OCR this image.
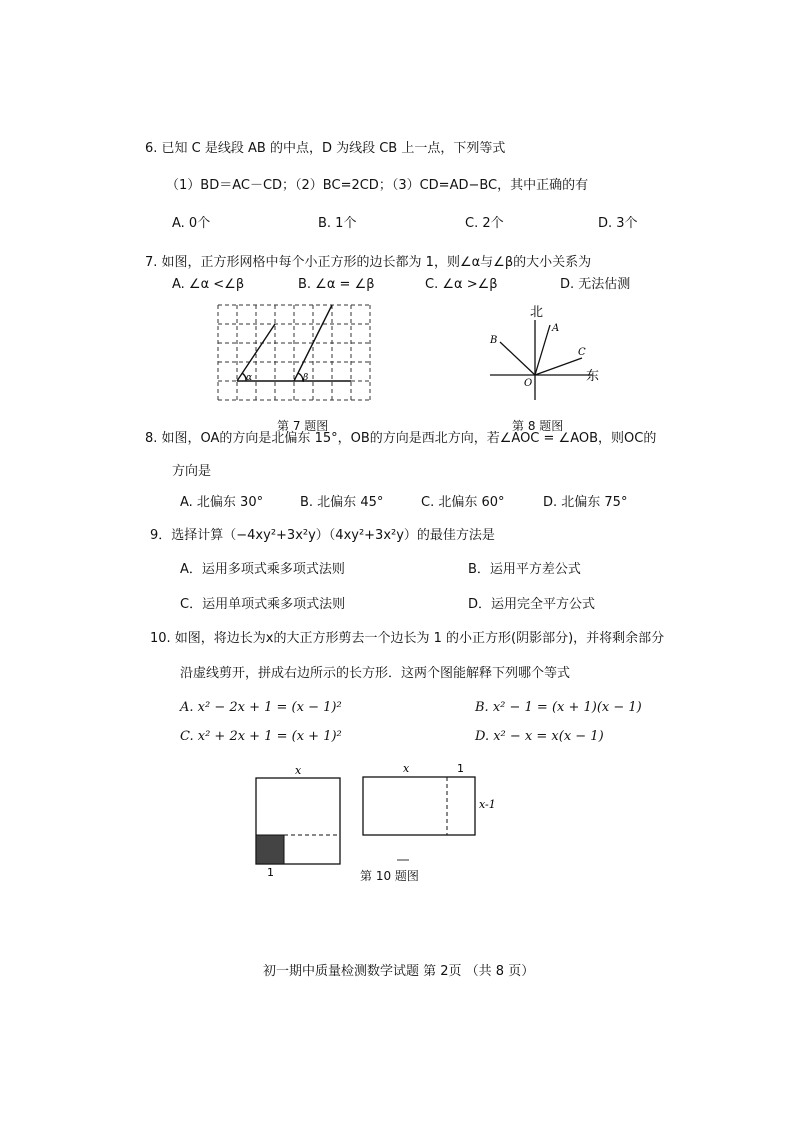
6. 已知 C 是线段 AB 的中点，D 为线段 CB 上一点，下列等式
（1）BD＝AC－CD；（2）BC=2CD；（3）CD=AD−BC，其中正确的有
A. 0个	B. 1个	C. 2个	D. 3个
7. 如图，正方形网格中每个小正方形的边长都为 1，则∠α与∠β的大小关系为
A. ∠α <∠β	B. ∠α = ∠β	C. ∠α >∠β	D. 无法估测
α	β
第 7 题图
北
东
A
B
C
O
第 8 题图
8. 如图，OA的方向是北偏东 15°，OB的方向是西北方向，若∠AOC = ∠AOB，则OC的
方向是
A. 北偏东 30°	B. 北偏东 45°	C. 北偏东 60°	D. 北偏东 75°
9．选择计算（−4xy²+3x²y）（4xy²+3x²y）的最佳方法是
A．运用多项式乘多项式法则	B．运用平方差公式
C．运用单项式乘多项式法则	D．运用完全平方公式
10. 如图，将边长为x的大正方形剪去一个边长为 1 的小正方形(阴影部分)，并将剩余部分
沿虚线剪开，拼成右边所示的长方形．这两个图能解释下列哪个等式
A. x² − 2x + 1 = (x − 1)²	B. x² − 1 = (x + 1)(x − 1)
C. x² + 2x + 1 = (x + 1)²	D. x² − x = x(x − 1)
x
1
x	1
x-1
第 10 题图
初一期中质量检测数学试题 第 2页 （共 8 页）
